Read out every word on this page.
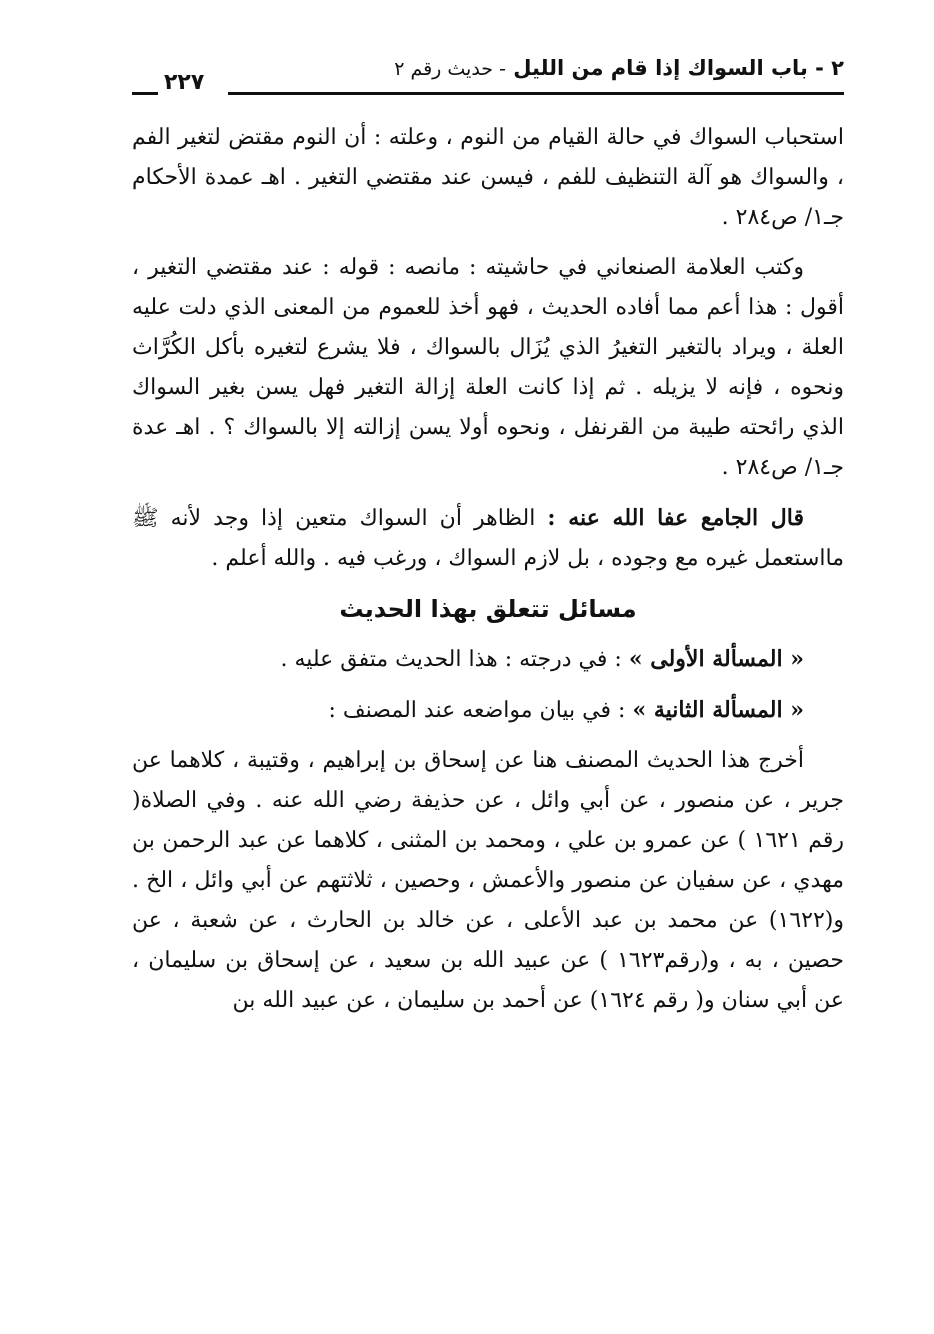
٢ - باب السواك إذا قام من الليل - حديث رقم ٢
٢٢٧

استحباب السواك في حالة القيام من النوم ، وعلته : أن النوم مقتض لتغير الفم ، والسواك هو آلة التنظيف للفم ، فيسن عند مقتضي التغير . اهـ عمدة الأحكام جـ١/ ص٢٨٤ .

وكتب العلامة الصنعاني في حاشيته : مانصه : قوله : عند مقتضي التغير ، أقول : هذا أعم مما أفاده الحديث ، فهو أخذ للعموم من المعنى الذي دلت عليه العلة ، ويراد بالتغير التغيرُ الذي يُزَال بالسواك ، فلا يشرع لتغيره بأكل الكُرَّاث ونحوه ، فإنه لا يزيله . ثم إذا كانت العلة إزالة التغير فهل يسن بغير السواك الذي رائحته طيبة من القرنفل ، ونحوه أولا يسن إزالته إلا بالسواك ؟ . اهـ عدة جـ١/ ص٢٨٤ .

قال الجامع عفا الله عنه : الظاهر أن السواك متعين إذا وجد لأنه ﷺ مااستعمل غيره مع وجوده ، بل لازم السواك ، ورغب فيه . والله أعلم .

مسائل تتعلق بهذا الحديث

« المسألة الأولى » : في درجته : هذا الحديث متفق عليه .

« المسألة الثانية » : في بيان مواضعه عند المصنف :

أخرج هذا الحديث المصنف هنا عن إسحاق بن إبراهيم ، وقتيبة ، كلاهما عن جرير ، عن منصور ، عن أبي وائل ، عن حذيفة رضي الله عنه . وفي الصلاة( رقم ١٦٢١ ) عن عمرو بن علي ، ومحمد بن المثنى ، كلاهما عن عبد الرحمن بن مهدي ، عن سفيان عن منصور والأعمش ، وحصين ، ثلاثتهم عن أبي وائل ، الخ . و(١٦٢٢) عن محمد بن عبد الأعلى ، عن خالد بن الحارث ، عن شعبة ، عن حصين ، به ، و(رقم١٦٢٣ ) عن عبيد الله بن سعيد ، عن إسحاق بن سليمان ، عن أبي سنان و( رقم ١٦٢٤) عن أحمد بن سليمان ، عن عبيد الله بن
